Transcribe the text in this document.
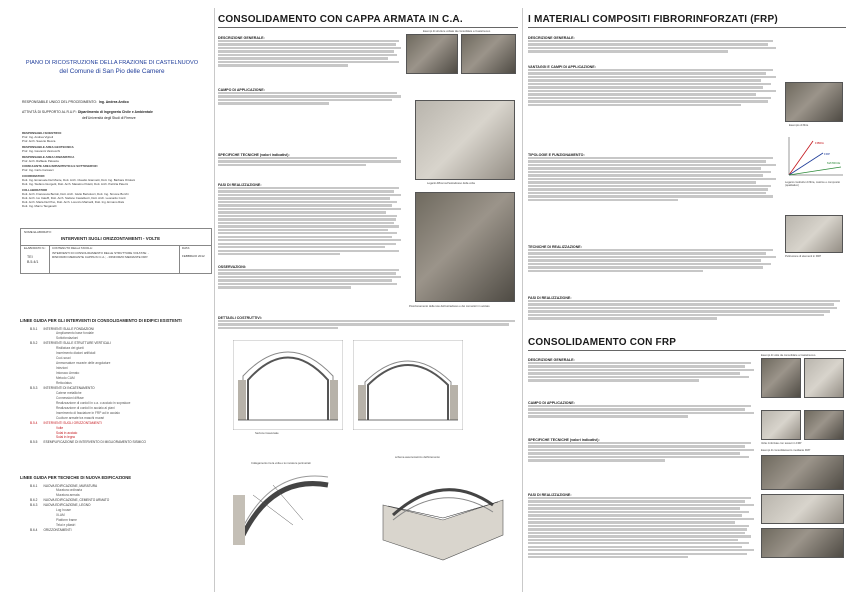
PIANO DI RICOSTRUZIONE DELLA FRAZIONE DI CASTELNUOVO
del Comune di San Pio delle Camere

RESPONSABILE UNICO DEL PROCEDIMENTO: Ing. Andrea Antico

ATTIVITÀ DI SUPPORTO AL R.U.P.: Dipartimento di Ingegneria Civile e Ambientale

dell'Università degli Studi di Firenze

RESPONSABILI SCIENTIFICI
Prof. Ing. Andrea Vignoli
Prof. Arch. Saverio Mecca
RESPONSABILE AREA GEOTECNICA
Prof. Ing. Giovanni Vannucchi
RESPONSABILE AREA URBANISTICA
Prof. Arch. Raffaele Paloscia
CONSULENTE AREA IMPIANTISTICA E SOTTOSERVIZI
Prof. Ing. Carlo Carcasci
COORDINATORI
Dott. Ing. Emanuele Del Monte, Dott. Arch. Claudio Giannetti, Dott. Ing. Barbara Ortolani
Dott. Ing. Stefano Giorgetti, Dott. Arch. Massimo Poletti, Dott. Arch. Patrizia Paterni
COLLABORATORI
Dott. Arch. Francesca Bertoli, Dott. Arch. Giulio Bertolucci, Dott. Ing. Simone Borchi
Dott. Arch. Ivo Caleffi, Dott. Arch. Stefano Castellucci, Dott. Arch. Leonardo Conti
Dott. Arch. Maria Del Pino, Dott. Arch. Lorenzo Marinelli, Dott. Ing. Ermano Rais
Dott. Ing. Marco Tanganelli
NOME ELABORATO:
INTERVENTI SUGLI ORIZZONTAMENTI - VOLTE
ELABORATO N.:
TEI
B.5.4/1
CONTENUTO DELLA TAVOLA:
INTERVENTI DI CONSOLIDAMENTO DELLE STRUTTURE VOLTATE: - RINFORZO MEDIANTE CAPPA IN C.A.; - RINFORZO MEDIANTE FRP.
DATA:
FEBBRAIO 2012
LINEE GUIDA PER GLI INTERVENTI DI CONSOLIDAMENTO DI EDIFICI ESISTENTI
B.5.1 INTERVENTI SULLE FONDAZIONI
Ampliamento base fondale
Sottofondazioni
B.5.2 INTERVENTI SULLE STRUTTURE VERTICALI
Ristilatura dei giunti
Inserimento diatoni artificiali
Cuci-scuci
Ammorsature murarie delle angolature
Iniezioni
Intonaco Armato
Metodo CAM
Reticolatus
B.5.3 INTERVENTI DI INCATENAMENTO
Catene metalliche
Connessioni diffuse
Realizzazione di cordoli in c.a. o acciaio in sopraluce
Realizzazione di cordoli in acciaio ai piani
Inserimento di fasciature in FRP ad in acciaio
Cuciture armate tra maschi murari
B.5.4 INTERVENTI SUGLI ORIZZONTAMENTI
Volte
Solai in acciaio
Solai in legno
B.5.5 ESEMPLIFICAZIONE DI INTERVENTO DI MIGLIORAMENTO SISMICO
LINEE GUIDA PER TECNICHE DI NUOVA EDIFICAZIONE
B.6.1 NUOVA EDIFICAZIONE, MURATURA
Muratura ordinaria
Muratura armata
B.6.2 NUOVA EDIFICAZIONE, CEMENTO ARMATO
B.6.3 NUOVA EDIFICAZIONE, LEGNO
Log house
XLAM
Platform frame
Telai e pilastri
B.6.4 ORIZZONTAMENTI
CONSOLIDAMENTO CON CAPPA ARMATA IN C.A.
DESCRIZIONE GENERALE:
CAMPO DI APPLICAZIONE:
Esempi di strutture voltate da consolidare a Castelnuovo
SPECIFICHE TECNICHE (valori indicativi):
Leganti diffusi sull'estradosso della volta
FASI DI REALIZZAZIONE:
Posizionamento della rete dell'estradosso e dei connettori in acciaio
OSSERVAZIONI:
DETTAGLI COSTRUTTIVI:
Sezione trasversale
Collegamento tra la volta e le murature perimetrali
schema assonometrico dell'intervento
I MATERIALI COMPOSITI FIBRORINFORZATI (FRP)
DESCRIZIONE GENERALE:
Esempio di fibre
VANTAGGI E CAMPI DI APPLICAZIONE:
TIPOLOGIE E FUNZIONAMENTO:
FIBRA
FRP
MATRICE
Legami costitutivi di fibra, matrice e composito (qualitativo)
TECNICHE DI REALIZZAZIONE:
Pultrusione di elementi in FRP
FASI DI REALIZZAZIONE:
CONSOLIDAMENTO CON FRP
DESCRIZIONE GENERALE:
CAMPO DI APPLICAZIONE:
SPECIFICHE TECNICHE (valori indicativi):
FASI DI REALIZZAZIONE:
Esempi di volte da consolidare a Castelnuovo
Volte rinforzate con tessuti in FRP
Esempi di consolidamento mediante FRP
